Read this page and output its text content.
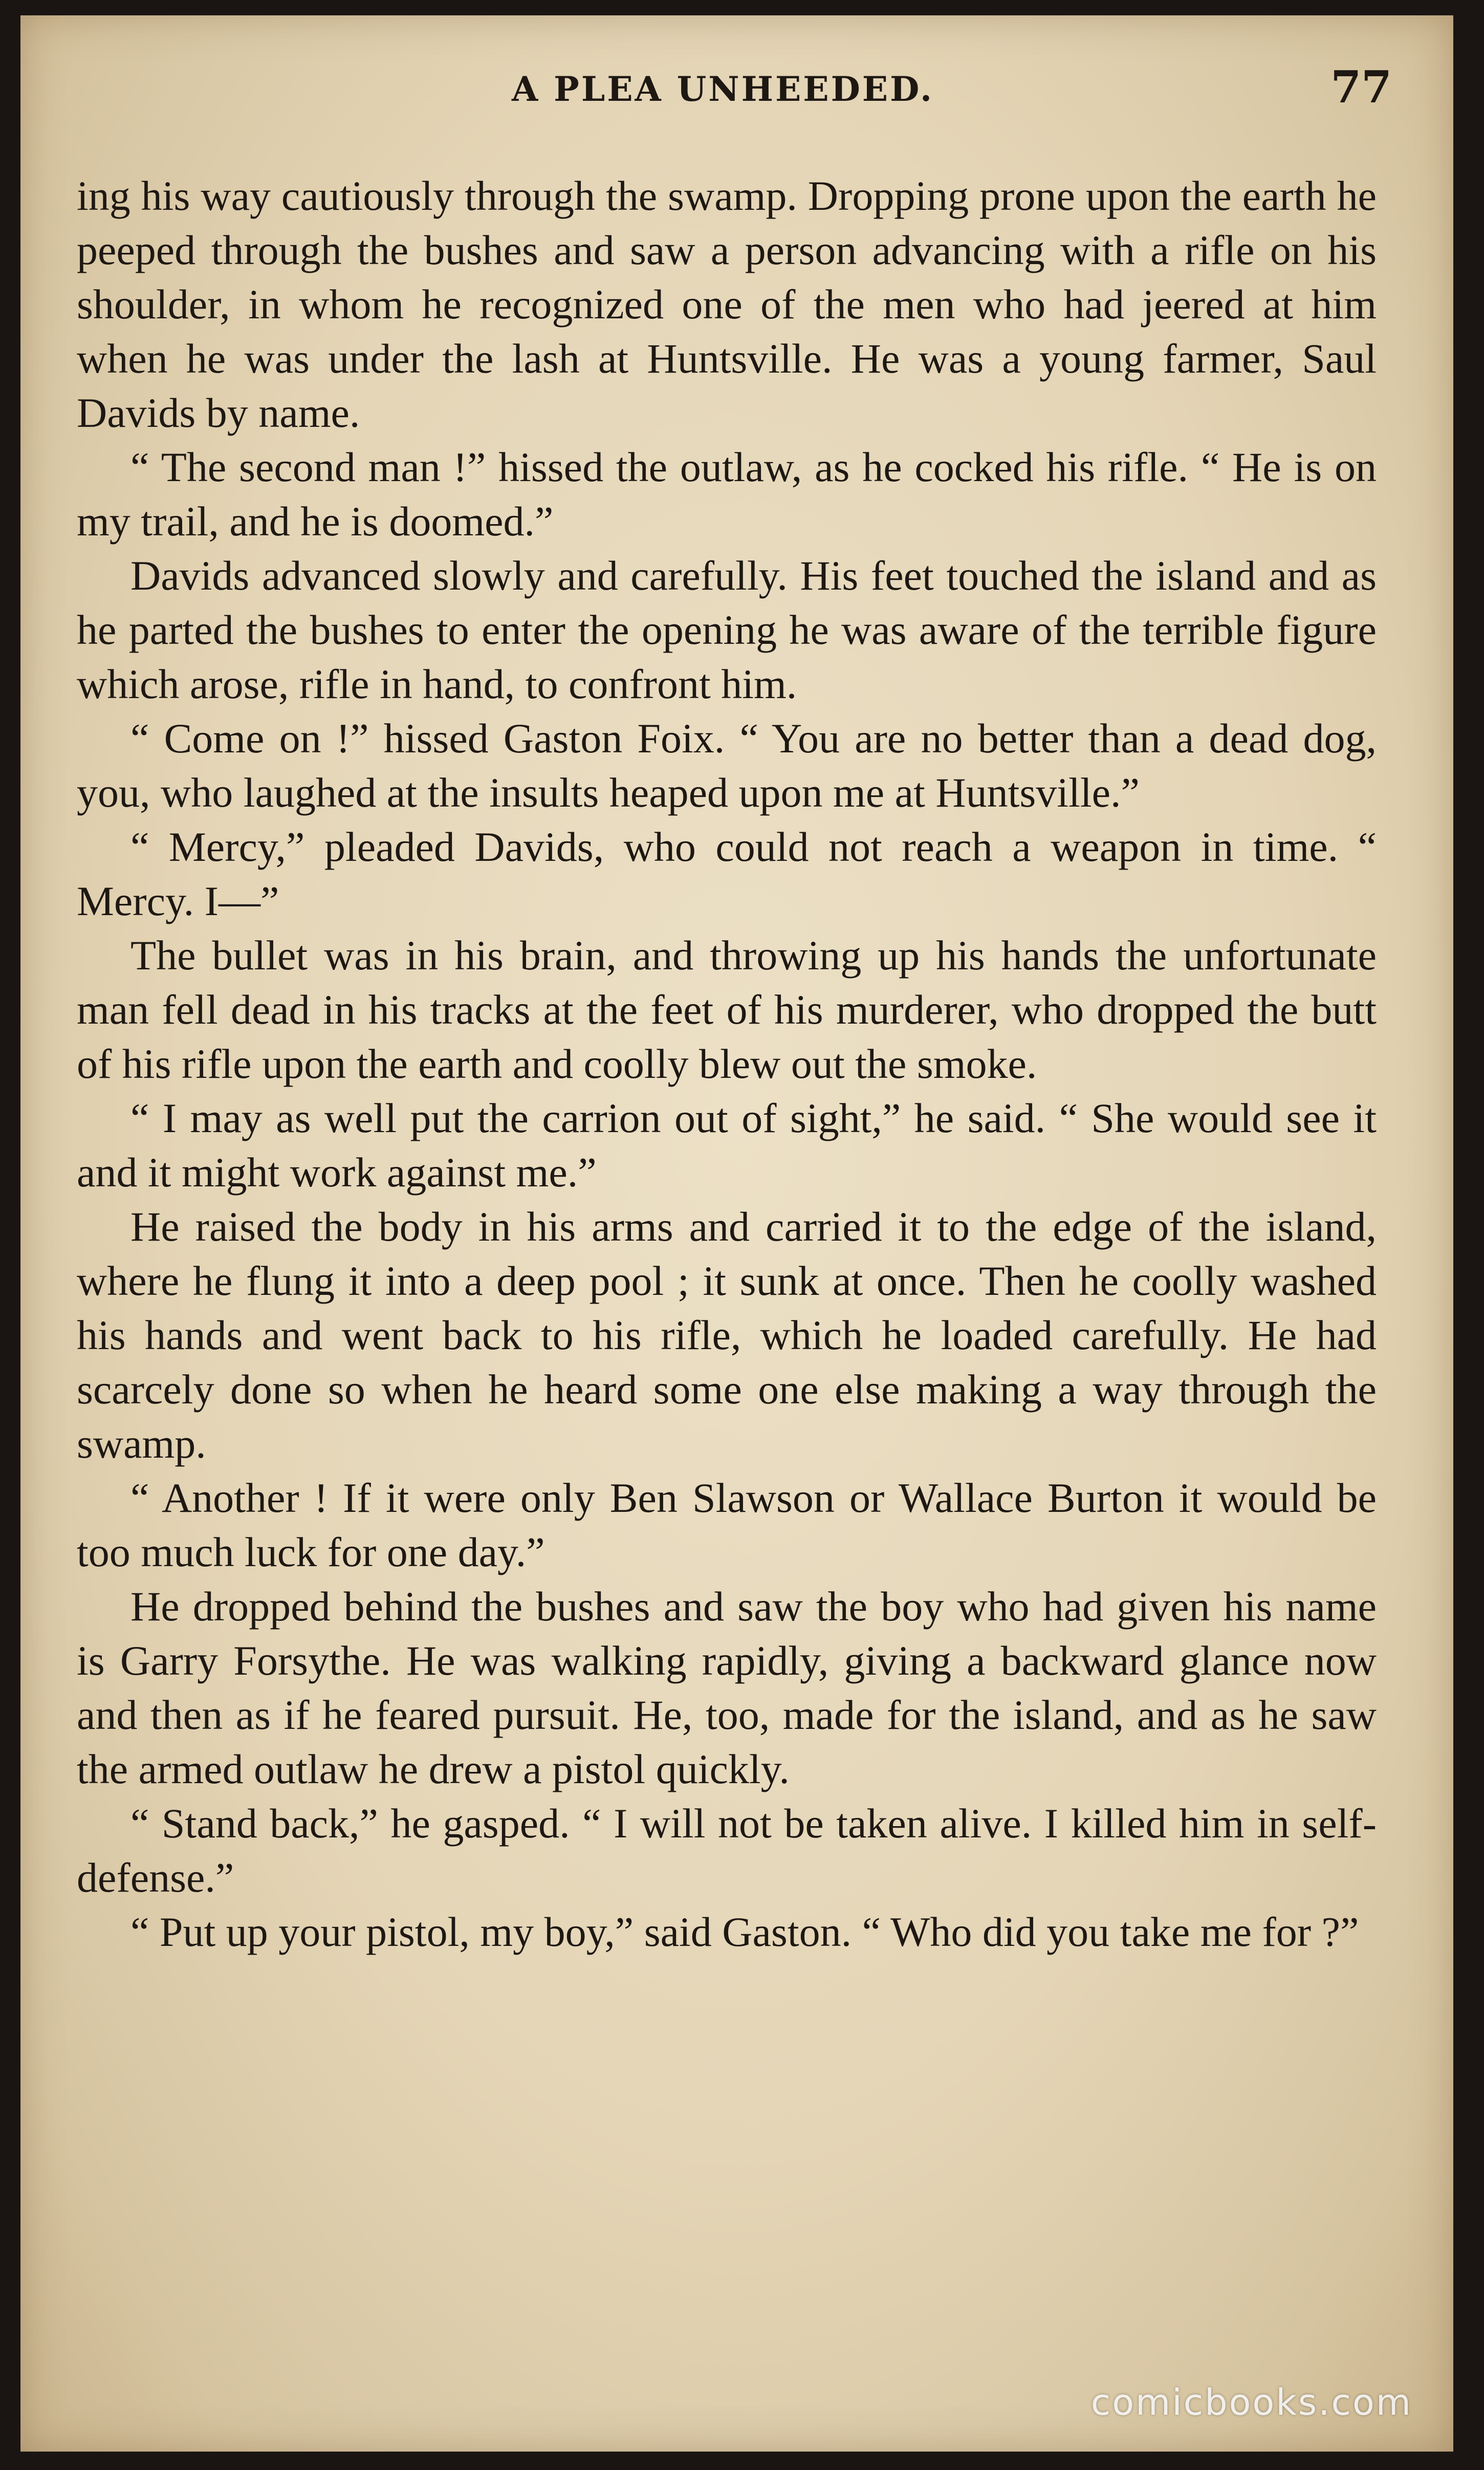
A PLEA UNHEEDED.	77

ing his way cautiously through the swamp. Dropping prone upon the earth he peeped through the bushes and saw a person advancing with a rifle on his shoulder, in whom he recognized one of the men who had jeered at him when he was under the lash at Huntsville. He was a young farmer, Saul Davids by name.

“ The second man !” hissed the outlaw, as he cocked his rifle. “ He is on my trail, and he is doomed.”

Davids advanced slowly and carefully. His feet touched the island and as he parted the bushes to enter the opening he was aware of the terrible figure which arose, rifle in hand, to confront him.

“ Come on !” hissed Gaston Foix. “ You are no better than a dead dog, you, who laughed at the insults heaped upon me at Huntsville.”

“ Mercy,” pleaded Davids, who could not reach a weapon in time. “ Mercy. I—”

The bullet was in his brain, and throwing up his hands the unfortunate man fell dead in his tracks at the feet of his murderer, who dropped the butt of his rifle upon the earth and coolly blew out the smoke.

“ I may as well put the carrion out of sight,” he said. “ She would see it and it might work against me.”

He raised the body in his arms and carried it to the edge of the island, where he flung it into a deep pool ; it sunk at once. Then he coolly washed his hands and went back to his rifle, which he loaded carefully. He had scarcely done so when he heard some one else making a way through the swamp.

“ Another ! If it were only Ben Slawson or Wallace Burton it would be too much luck for one day.”

He dropped behind the bushes and saw the boy who had given his name is Garry Forsythe. He was walking rapidly, giving a backward glance now and then as if he feared pursuit. He, too, made for the island, and as he saw the armed outlaw he drew a pistol quickly.

“ Stand back,” he gasped. “ I will not be taken alive. I killed him in self-defense.”

“ Put up your pistol, my boy,” said Gaston. “ Who did you take me for ?”

comicbooks.com
